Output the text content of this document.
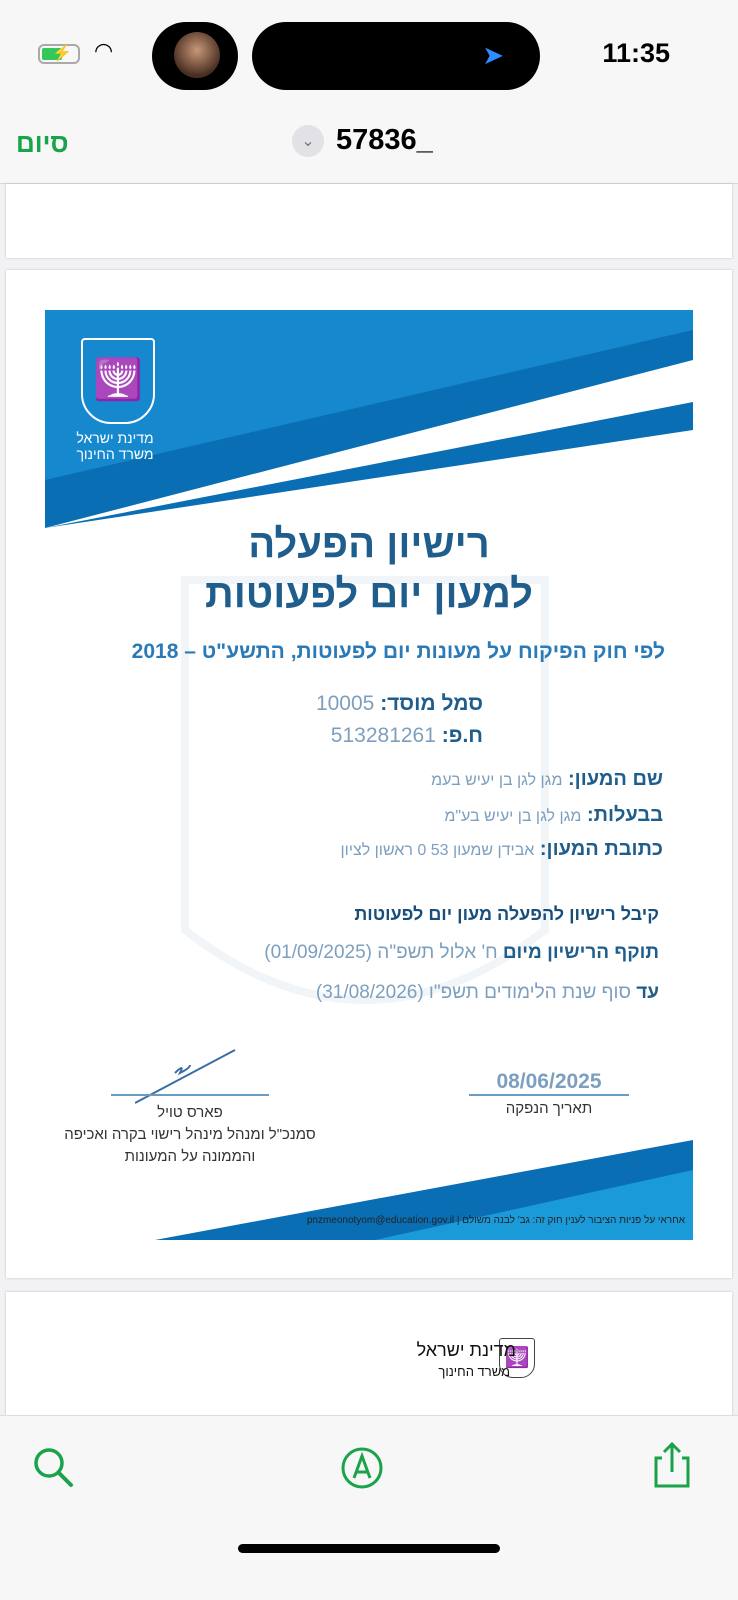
⚡ ◠	➤	11:35
סיום	⌄ 57836_
🕎
מדינת ישראל
משרד החינוך
רישיון הפעלה
למעון יום לפעוטות
לפי חוק הפיקוח על מעונות יום לפעוטות, התשע"ט – 2018
סמל מוסד: 10005
ח.פ: 513281261
שם המעון: מגן לגן בן יעיש בעמ
בבעלות: מגן לגן בן יעיש בע"מ
כתובת המעון: אבידן שמעון 53 0 ראשון לציון
קיבל רישיון להפעלה מעון יום לפעוטות
תוקף הרישיון מיום ח' אלול תשפ"ה (01/09/2025)
עד סוף שנת הלימודים תשפ"ו (31/08/2026)
08/06/2025
תאריך הנפקה
פארס טויל
סמנכ"ל ומנהל מינהל רישוי בקרה ואכיפה
והממונה על המעונות
אחראי על פניות הציבור לענין חוק זה: גב' לבנה משולם | pnzmeonotyom@education.gov.il
🕎
מדינת ישראל
משרד החינוך
